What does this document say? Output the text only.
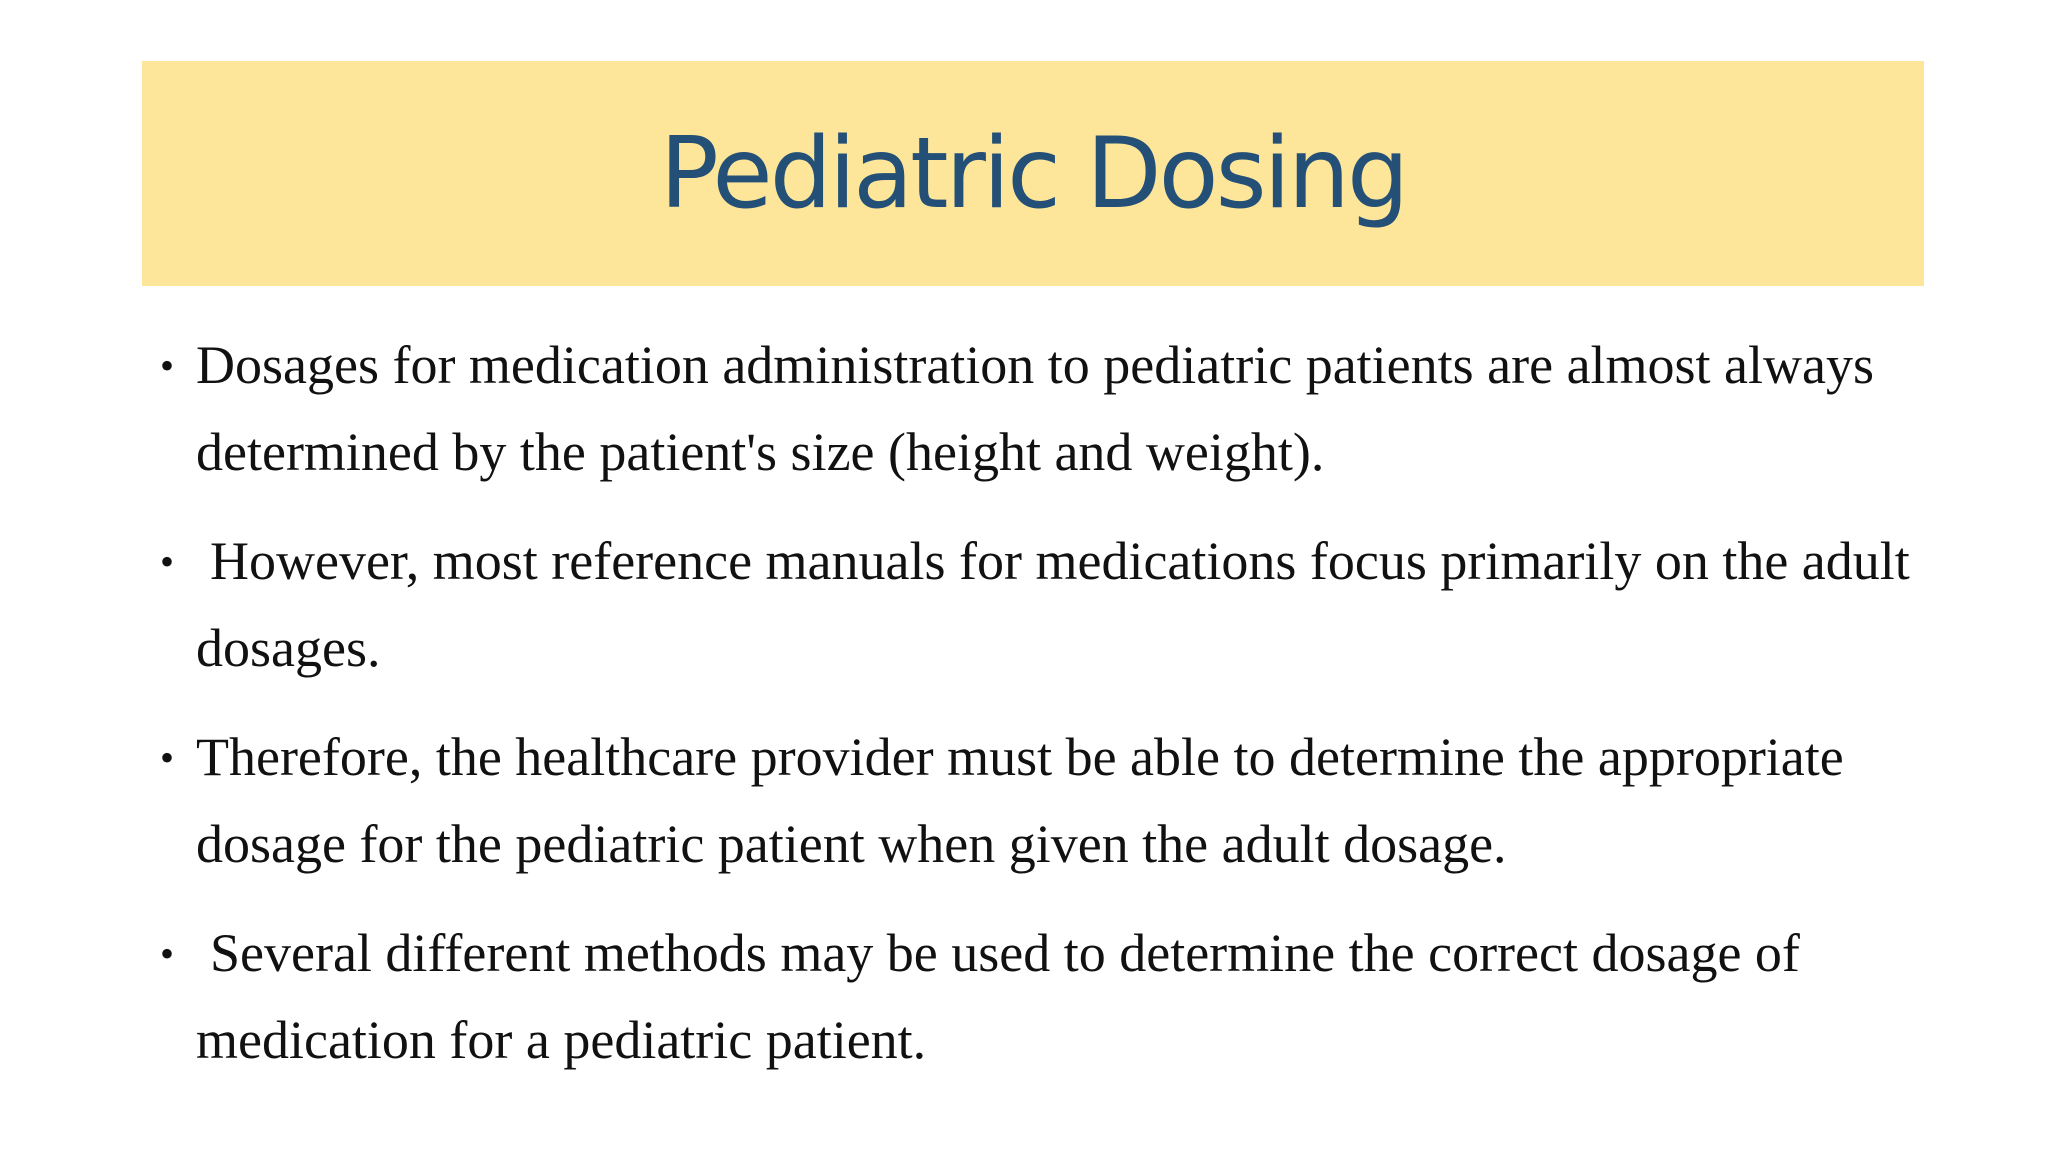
Pediatric Dosing
• Dosages for medication administration to pediatric patients are almost always determined by the patient's size (height and weight).
• However, most reference manuals for medications focus primarily on the adult dosages.
• Therefore, the healthcare provider must be able to determine the appropriate dosage for the pediatric patient when given the adult dosage.
• Several different methods may be used to determine the correct dosage of medication for a pediatric patient.
